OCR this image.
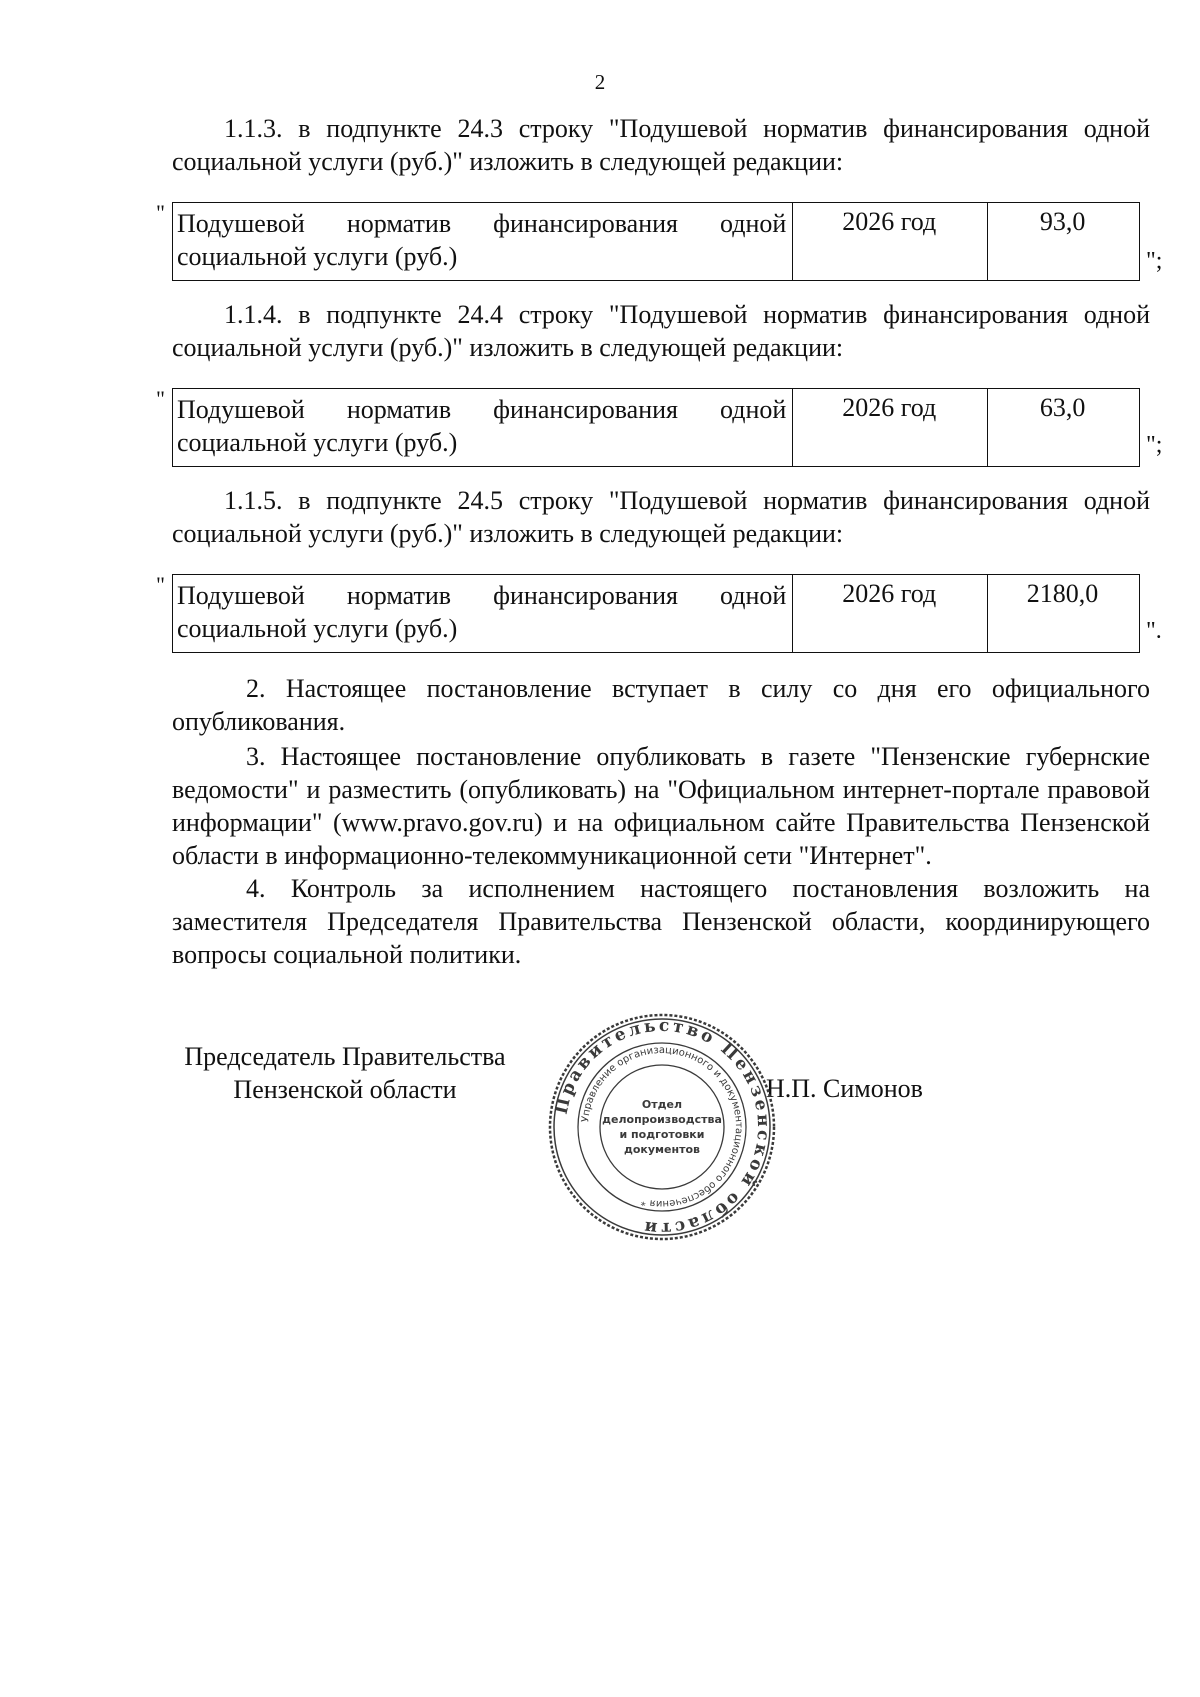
2

1.1.3. в подпункте 24.3 строку "Подушевой норматив финансирования одной социальной услуги (руб.)" изложить в следующей редакции:

" Подушевой норматив финансирования одной социальной услуги (руб.)	2026 год	93,0
";

1.1.4. в подпункте 24.4 строку "Подушевой норматив финансирования одной социальной услуги (руб.)" изложить в следующей редакции:

" Подушевой норматив финансирования одной социальной услуги (руб.)	2026 год	63,0
";

1.1.5. в подпункте 24.5 строку "Подушевой норматив финансирования одной социальной услуги (руб.)" изложить в следующей редакции:

" Подушевой норматив финансирования одной социальной услуги (руб.)	2026 год	2180,0
".

2. Настоящее постановление вступает в силу со дня его официального опубликования.

3. Настоящее постановление опубликовать в газете "Пензенские губернские ведомости" и разместить (опубликовать) на "Официальном интернет-портале правовой информации" (www.pravo.gov.ru) и на официальном сайте Правительства Пензенской области в информационно-телекоммуникационной сети "Интернет".

4. Контроль за исполнением настоящего постановления возложить на заместителя Председателя Правительства Пензенской области, координирующего вопросы социальной политики.

Председатель Правительства
Пензенской области	Н.П. Симонов
Правительство Пензенской области
Управление организационного и документационного обеспечения *
Отдел
делопроизводства
и подготовки
документов
